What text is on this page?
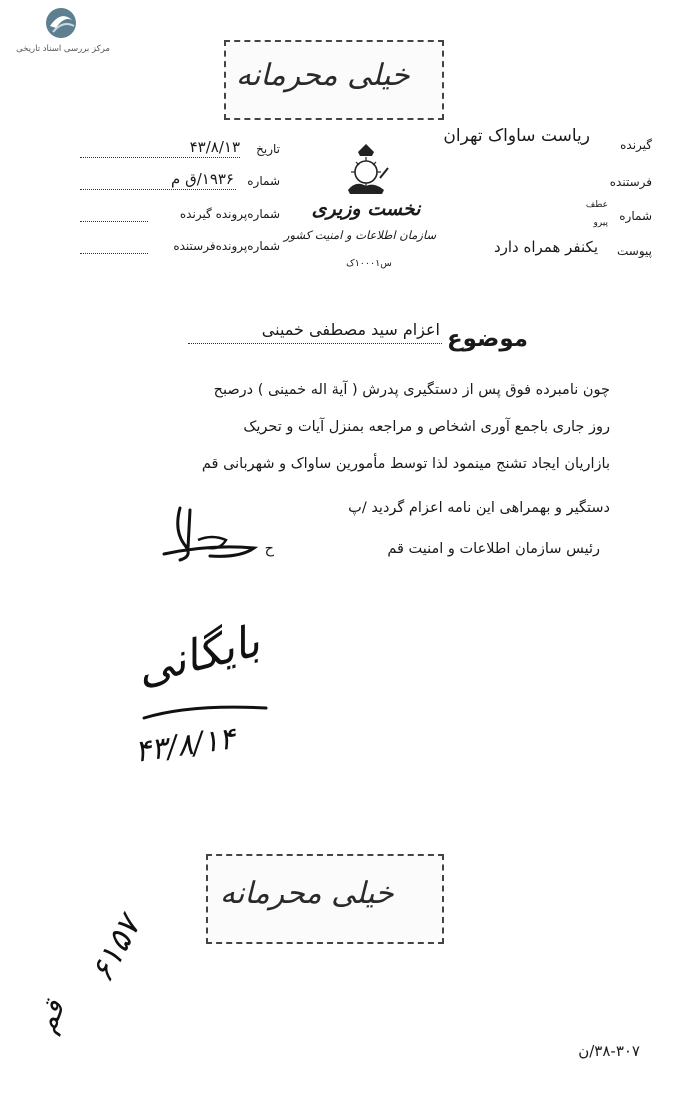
مرکز بررسی اسناد تاریخی
خیلی محرمانه
تاریخ
۴۳/۸/۱۳
شماره
۱۹۳۶/ق م
شماره‌پرونده گیرنده
شماره‌پرونده‌فرستنده
نخست وزیری
سازمان اطلاعات و امنیت کشور
س۱۰۰۰۱ک
ریاست ساواک تهران	گیرنده
فرستنده
شماره
عطف
پیرو
پیوست
یکنفر همراه دارد
موضوع
اعزام سید مصطفی خمینی
چون نامبرده فوق پس از دستگیری پدرش ( آیة اله خمینی ) درصبح
روز جاری باجمع آوری اشخاص و مراجعه بمنزل آیات و تحریک
بازاریان ایجاد تشنج مینمود لذا توسط مأمورین ساواک و شهربانی قم
دستگیر و بهمراهی این نامه اعزام گردید /پ
رئیس سازمان اطلاعات و امنیت قم
ح
بایگانی
۴۳/۸/۱۴
خیلی محرمانه
۶۱۵۷
قم
۳۸-۳۰۷/ن
